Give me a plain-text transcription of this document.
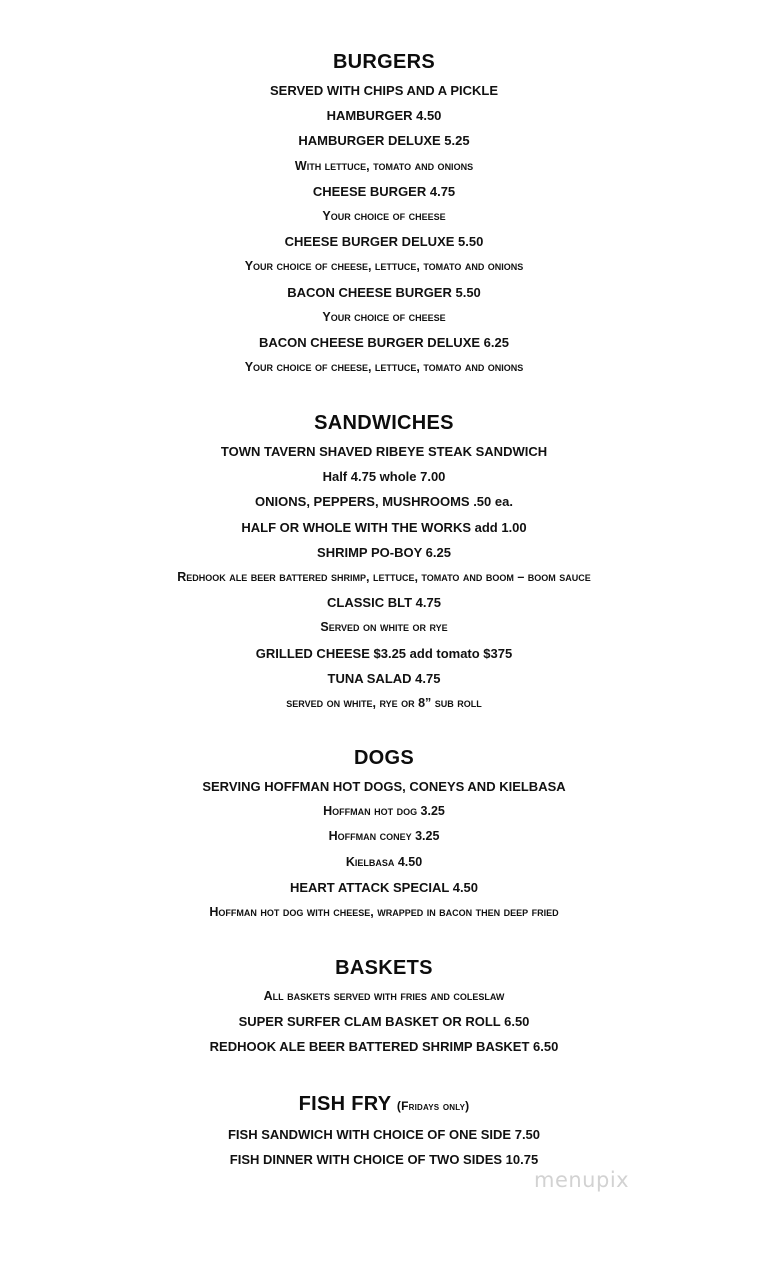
BURGERS
SERVED WITH CHIPS AND A PICKLE
HAMBURGER 4.50
HAMBURGER DELUXE 5.25
With lettuce, tomato and onions
CHEESE BURGER 4.75
Your choice of cheese
CHEESE BURGER DELUXE 5.50
Your choice of cheese, lettuce, tomato and onions
BACON CHEESE BURGER 5.50
Your choice of cheese
BACON CHEESE BURGER DELUXE 6.25
Your choice of cheese, lettuce, tomato and onions
SANDWICHES
TOWN TAVERN SHAVED RIBEYE STEAK SANDWICH
Half 4.75 whole 7.00
ONIONS, PEPPERS, MUSHROOMS .50 ea.
HALF OR WHOLE WITH THE WORKS add 1.00
SHRIMP PO-BOY 6.25
Redhook ale beer battered shrimp, lettuce, tomato and boom – boom sauce
CLASSIC BLT 4.75
Served on white or rye
GRILLED CHEESE $3.25 add tomato $375
TUNA SALAD 4.75
served on white, rye or 8” sub roll
DOGS
SERVING HOFFMAN HOT DOGS, CONEYS AND KIELBASA
Hoffman hot dog 3.25
Hoffman coney 3.25
Kielbasa 4.50
HEART ATTACK SPECIAL 4.50
Hoffman hot dog with cheese, wrapped in bacon then deep fried
BASKETS
All baskets served with fries and coleslaw
SUPER SURFER CLAM BASKET OR ROLL 6.50
REDHOOK ALE BEER BATTERED SHRIMP BASKET 6.50
FISH FRY (Fridays only)
FISH SANDWICH WITH CHOICE OF ONE SIDE 7.50
FISH DINNER WITH CHOICE OF TWO SIDES 10.75
menupix
